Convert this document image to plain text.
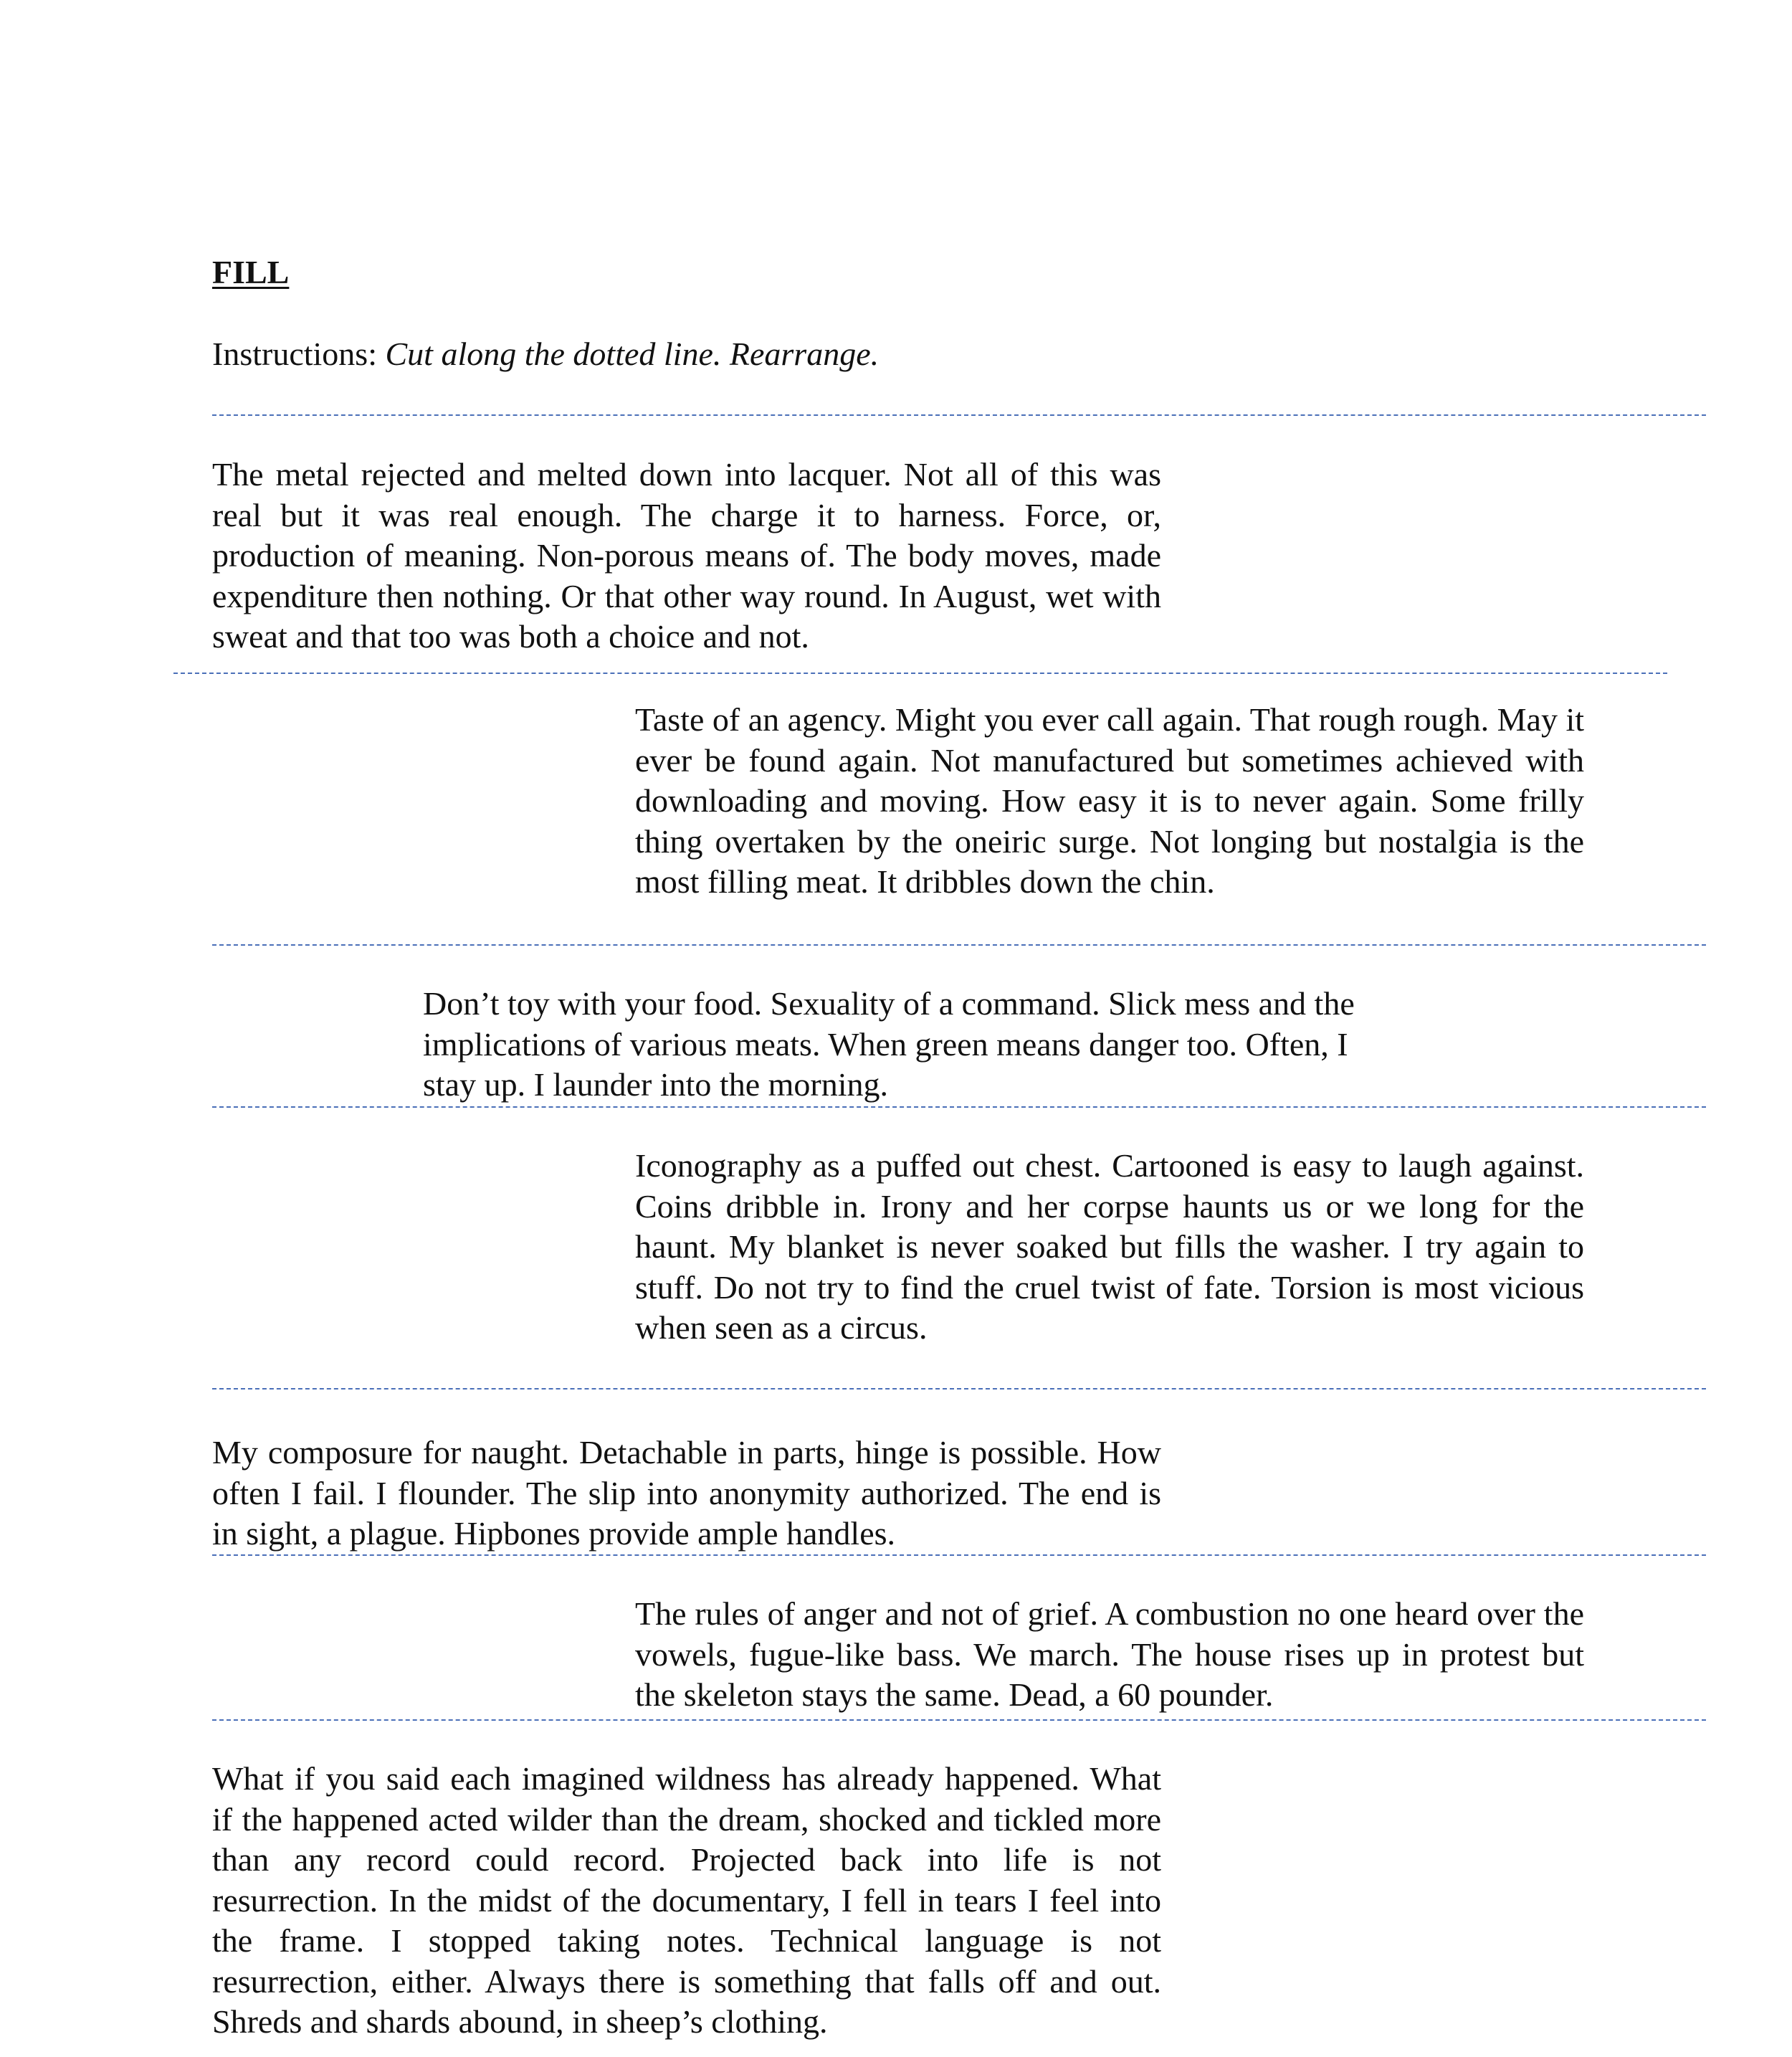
FILL
Instructions: Cut along the dotted line. Rearrange.

The metal rejected and melted down into lacquer. Not all of this was real but it was real enough. The charge it to harness. Force, or, production of meaning. Non-porous means of. The body moves, made expenditure then nothing. Or that other way round. In August, wet with sweat and that too was both a choice and not.

Taste of an agency. Might you ever call again. That rough rough. May it ever be found again. Not manufactured but sometimes achieved with downloading and moving. How easy it is to never again. Some frilly thing overtaken by the oneiric surge. Not longing but nostalgia is the most filling meat. It dribbles down the chin.

Don’t toy with your food. Sexuality of a command. Slick mess and the implications of various meats. When green means danger too. Often, I stay up. I launder into the morning.

Iconography as a puffed out chest. Cartooned is easy to laugh against. Coins dribble in. Irony and her corpse haunts us or we long for the haunt. My blanket is never soaked but fills the washer. I try again to stuff. Do not try to find the cruel twist of fate. Torsion is most vicious when seen as a circus.

My composure for naught. Detachable in parts, hinge is possible. How often I fail. I flounder. The slip into anonymity authorized. The end is in sight, a plague. Hipbones provide ample handles.

The rules of anger and not of grief. A combustion no one heard over the vowels, fugue-like bass. We march. The house rises up in protest but the skeleton stays the same. Dead, a 60 pounder.

What if you said each imagined wildness has already happened. What if the happened acted wilder than the dream, shocked and tickled more than any record could record. Projected back into life is not resurrection. In the midst of the documentary, I fell in tears I feel into the frame. I stopped taking notes. Technical language is not resurrection, either. Always there is something that falls off and out. Shreds and shards abound, in sheep’s clothing.
